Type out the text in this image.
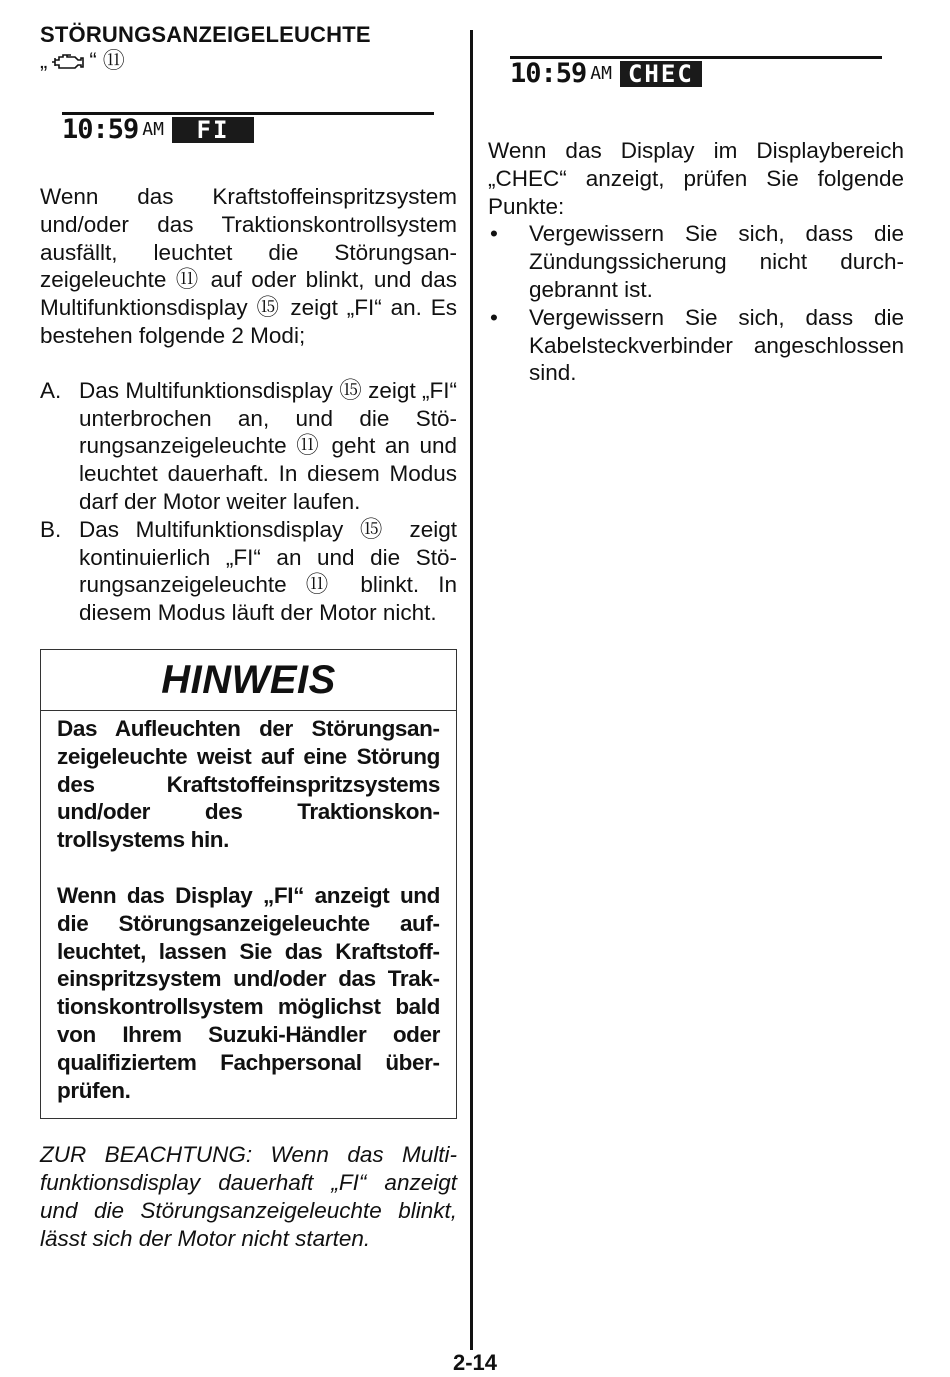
STÖRUNGSANZEIGELEUCHTE
„ “ ⑪
10:59 AM	FI

Wenn das Kraftstoffeinspritzsystem und/oder das Traktionskontrollsystem ausfällt, leuchtet die Störungsanzeigeleuchte ⑪ auf oder blinkt, und das Multifunktionsdisplay ⑮ zeigt „FI“ an. Es bestehen folgende 2 Modi;

A. Das Multifunktionsdisplay ⑮ zeigt „FI“ unterbrochen an, und die Störungsanzeigeleuchte ⑪ geht an und leuchtet dauerhaft. In diesem Modus darf der Motor weiter laufen.
B. Das Multifunktionsdisplay ⑮ zeigt kontinuierlich „FI“ an und die Störungsanzeigeleuchte ⑪ blinkt. In diesem Modus läuft der Motor nicht.
HINWEIS

Das Aufleuchten der Störungsanzeigeleuchte weist auf eine Störung des Kraftstoffeinspritzsystems und/oder des Traktionskontrollsystems hin.

Wenn das Display „FI“ anzeigt und die Störungsanzeigeleuchte aufleuchtet, lassen Sie das Kraftstoffeinspritzsystem und/oder das Traktionskontrollsystem möglichst bald von Ihrem Suzuki-Händler oder qualifiziertem Fachpersonal überprüfen.

ZUR BEACHTUNG: Wenn das Multifunktionsdisplay dauerhaft „FI“ anzeigt und die Störungsanzeigeleuchte blinkt, lässt sich der Motor nicht starten.
10:59 AM CHEC

Wenn das Display im Displaybereich „CHEC“ anzeigt, prüfen Sie folgende Punkte:

•	Vergewissern Sie sich, dass die Zündungssicherung nicht durchgebrannt ist.
•	Vergewissern Sie sich, dass die Kabelsteckverbinder angeschlossen sind.
2-14
